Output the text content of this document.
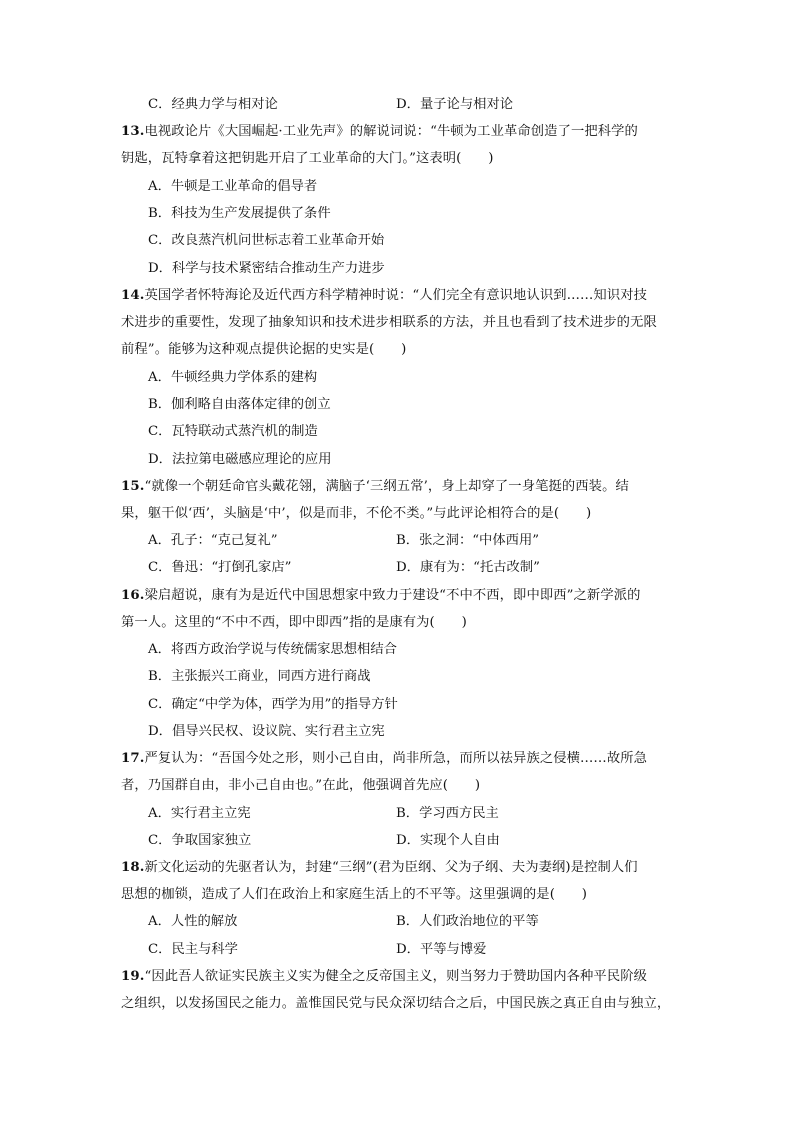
C．经典力学与相对论	D．量子论与相对论
13.电视政论片《大国崛起·工业先声》的解说词说：“牛顿为工业革命创造了一把科学的
钥匙，瓦特拿着这把钥匙开启了工业革命的大门。”这表明(　　)
A．牛顿是工业革命的倡导者
B．科技为生产发展提供了条件
C．改良蒸汽机问世标志着工业革命开始
D．科学与技术紧密结合推动生产力进步
14.英国学者怀特海论及近代西方科学精神时说：“人们完全有意识地认识到……知识对技
术进步的重要性，发现了抽象知识和技术进步相联系的方法，并且也看到了技术进步的无限
前程”。能够为这种观点提供论据的史实是(　　)
A．牛顿经典力学体系的建构
B．伽利略自由落体定律的创立
C．瓦特联动式蒸汽机的制造
D．法拉第电磁感应理论的应用
15.“就像一个朝廷命官头戴花翎，满脑子‘三纲五常’，身上却穿了一身笔挺的西装。结
果，躯干似‘西’，头脑是‘中’，似是而非，不伦不类。”与此评论相符合的是(　　)
A．孔子：“克己复礼”	B．张之洞：“中体西用”
C．鲁迅：“打倒孔家店”	D．康有为：“托古改制”
16.梁启超说，康有为是近代中国思想家中致力于建设“不中不西，即中即西”之新学派的
第一人。这里的“不中不西，即中即西”指的是康有为(　　)
A．将西方政治学说与传统儒家思想相结合
B．主张振兴工商业，同西方进行商战
C．确定“中学为体，西学为用”的指导方针
D．倡导兴民权、设议院、实行君主立宪
17.严复认为：“吾国今处之形，则小己自由，尚非所急，而所以祛异族之侵横……故所急
者，乃国群自由，非小己自由也。”在此，他强调首先应(　　)
A．实行君主立宪	B．学习西方民主
C．争取国家独立	D．实现个人自由
18.新文化运动的先驱者认为，封建“三纲”(君为臣纲、父为子纲、夫为妻纲)是控制人们
思想的枷锁，造成了人们在政治上和家庭生活上的不平等。这里强调的是(　　)
A．人性的解放	B．人们政治地位的平等
C．民主与科学	D．平等与博爱
19.“因此吾人欲证实民族主义实为健全之反帝国主义，则当努力于赞助国内各种平民阶级
之组织，以发扬国民之能力。盖惟国民党与民众深切结合之后，中国民族之真正自由与独立，
